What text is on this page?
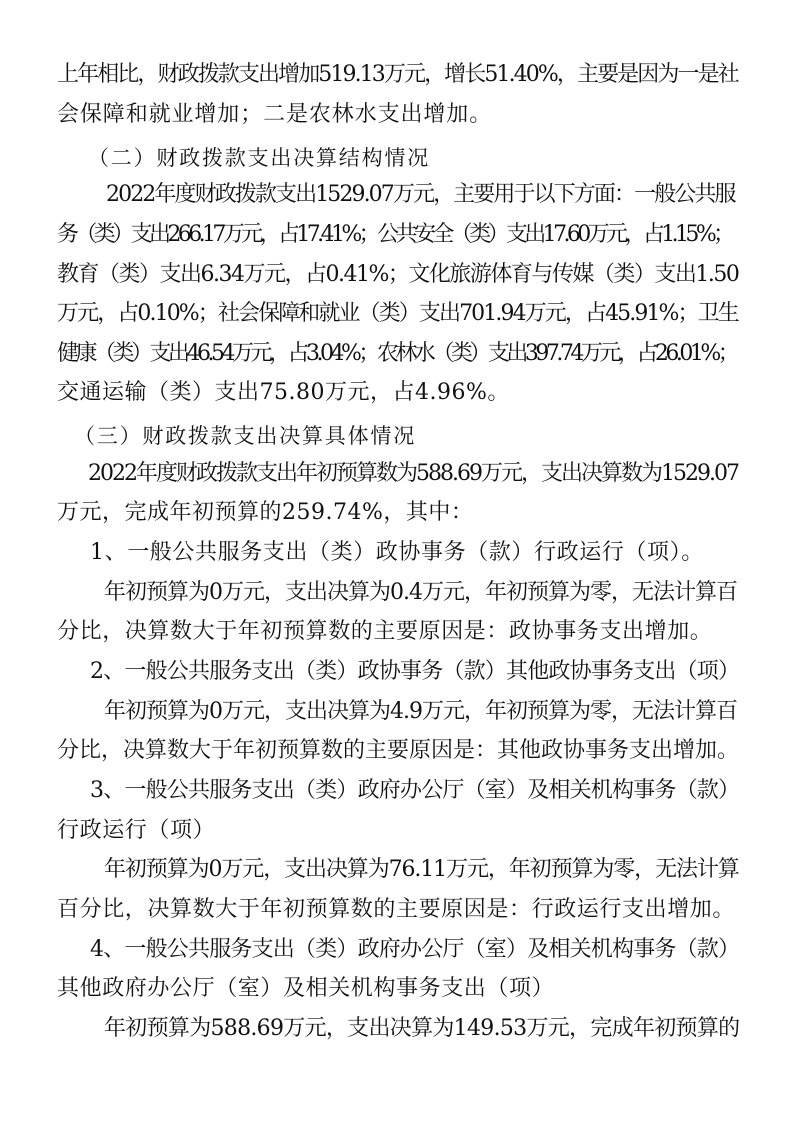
上年相比，财政拨款支出增加519.13万元，增长51.40%，主要是因为一是社
会保障和就业增加；二是农林水支出增加。
（二）财政拨款支出决算结构情况
2022年度财政拨款支出1529.07万元，主要用于以下方面：一般公共服
务（类）支出266.17万元，占17.41%；公共安全（类）支出17.60万元，占1.15%；
教育（类）支出6.34万元，占0.41%；文化旅游体育与传媒（类）支出1.50
万元，占0.10%；社会保障和就业（类）支出701.94万元，占45.91%；卫生
健康（类）支出46.54万元，占3.04%；农林水（类）支出397.74万元，占26.01%；
交通运输（类）支出75.80万元，占4.96%。
（三）财政拨款支出决算具体情况
2022年度财政拨款支出年初预算数为588.69万元，支出决算数为1529.07
万元，完成年初预算的259.74%，其中：
1、一般公共服务支出（类）政协事务（款）行政运行（项）。
年初预算为0万元，支出决算为0.4万元，年初预算为零，无法计算百
分比，决算数大于年初预算数的主要原因是：政协事务支出增加。
2、一般公共服务支出（类）政协事务（款）其他政协事务支出（项）
年初预算为0万元，支出决算为4.9万元，年初预算为零，无法计算百
分比，决算数大于年初预算数的主要原因是：其他政协事务支出增加。
3、一般公共服务支出（类）政府办公厅（室）及相关机构事务（款）
行政运行（项）
年初预算为0万元，支出决算为76.11万元，年初预算为零，无法计算
百分比，决算数大于年初预算数的主要原因是：行政运行支出增加。
4、一般公共服务支出（类）政府办公厅（室）及相关机构事务（款）
其他政府办公厅（室）及相关机构事务支出（项）
年初预算为588.69万元，支出决算为149.53万元，完成年初预算的
